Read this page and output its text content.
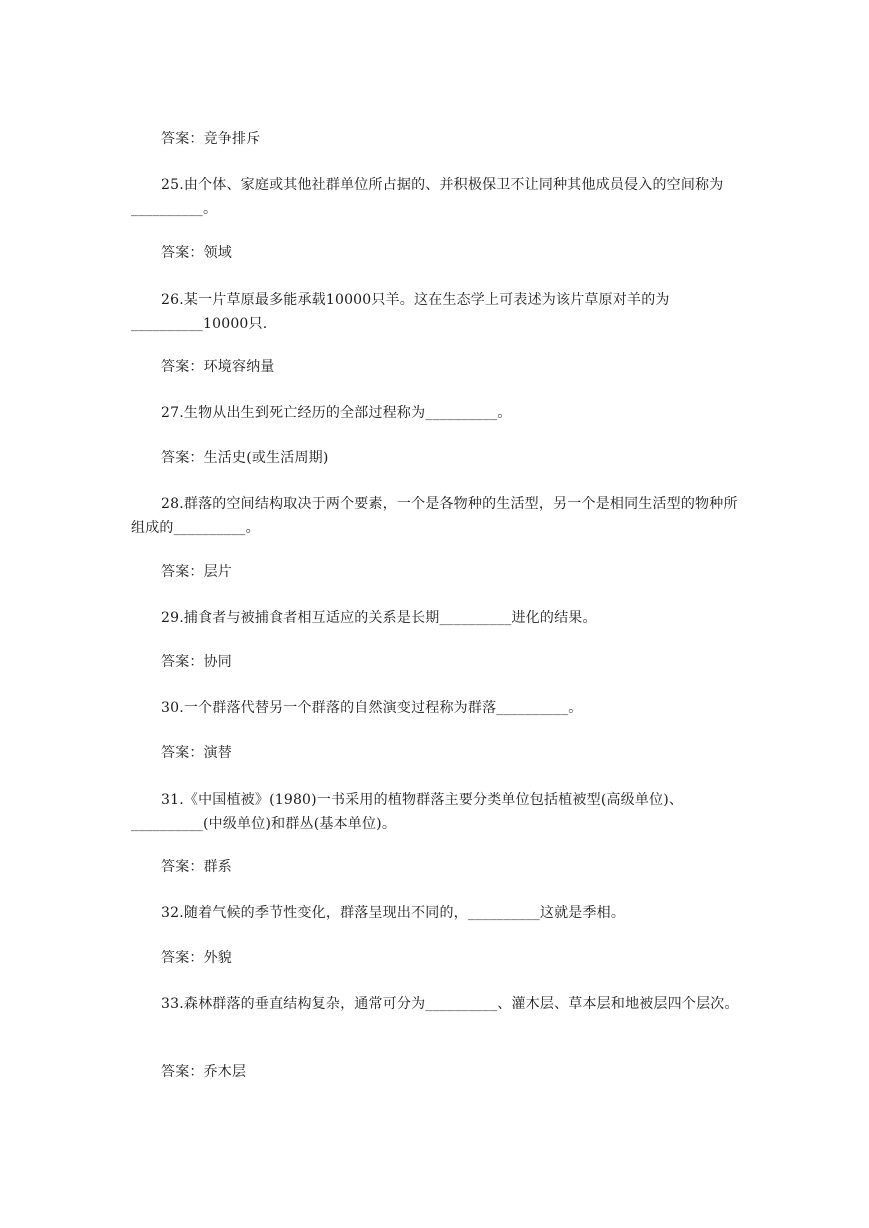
答案：竞争排斥

25.由个体、家庭或其他社群单位所占据的、并积极保卫不让同种其他成员侵入的空间称为__________。

答案：领域

26.某一片草原最多能承载10000只羊。这在生态学上可表述为该片草原对羊的为__________10000只.

答案：环境容纳量

27.生物从出生到死亡经历的全部过程称为__________。

答案：生活史(或生活周期)

28.群落的空间结构取决于两个要素，一个是各物种的生活型，另一个是相同生活型的物种所组成的__________。

答案：层片

29.捕食者与被捕食者相互适应的关系是长期__________进化的结果。

答案：协同

30.一个群落代替另一个群落的自然演变过程称为群落__________。

答案：演替

31.《中国植被》(1980)一书采用的植物群落主要分类单位包括植被型(高级单位)、__________(中级单位)和群丛(基本单位)。

答案：群系

32.随着气候的季节性变化，群落呈现出不同的，__________这就是季相。

答案：外貌

33.森林群落的垂直结构复杂，通常可分为__________、灌木层、草本层和地被层四个层次。

答案：乔木层
